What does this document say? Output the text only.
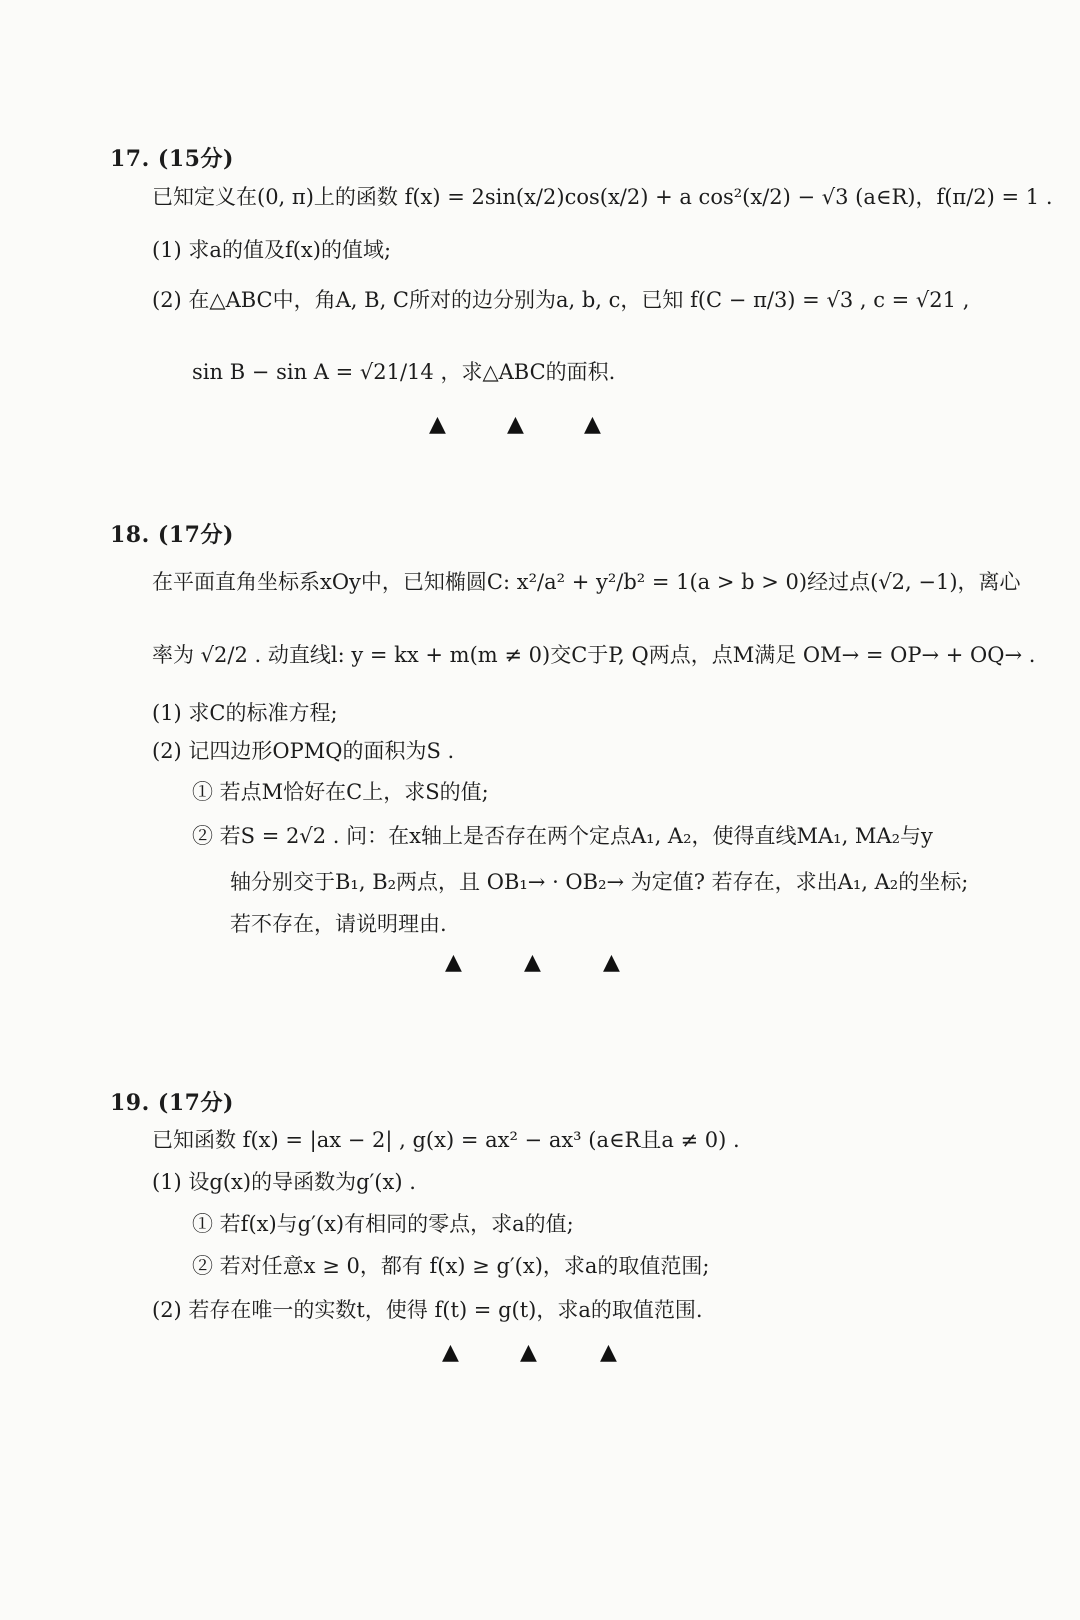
17. (15分)
已知定义在(0, π)上的函数 f(x) = 2sin(x/2)cos(x/2) + a cos²(x/2) − √3 (a∈R)，f(π/2) = 1 .
(1) 求a的值及f(x)的值域;
(2) 在△ABC中，角A, B, C所对的边分别为a, b, c，已知 f(C − π/3) = √3 , c = √21 ,
sin B − sin A = √21/14 ，求△ABC的面积.
▲	▲	▲
18. (17分)
在平面直角坐标系xOy中，已知椭圆C: x²/a² + y²/b² = 1(a > b > 0)经过点(√2, −1)，离心
率为 √2/2 . 动直线l: y = kx + m(m ≠ 0)交C于P, Q两点，点M满足 OM→ = OP→ + OQ→ .
(1) 求C的标准方程;
(2) 记四边形OPMQ的面积为S .
① 若点M恰好在C上，求S的值;
② 若S = 2√2 . 问：在x轴上是否存在两个定点A₁, A₂，使得直线MA₁, MA₂与y
轴分别交于B₁, B₂两点，且 OB₁→ · OB₂→ 为定值? 若存在，求出A₁, A₂的坐标;
若不存在，请说明理由.
▲	▲	▲
19. (17分)
已知函数 f(x) = |ax − 2| , g(x) = ax² − ax³ (a∈R且a ≠ 0) .
(1) 设g(x)的导函数为g′(x) .
① 若f(x)与g′(x)有相同的零点，求a的值;
② 若对任意x ≥ 0，都有 f(x) ≥ g′(x)，求a的取值范围;
(2) 若存在唯一的实数t，使得 f(t) = g(t)，求a的取值范围.
▲	▲	▲
